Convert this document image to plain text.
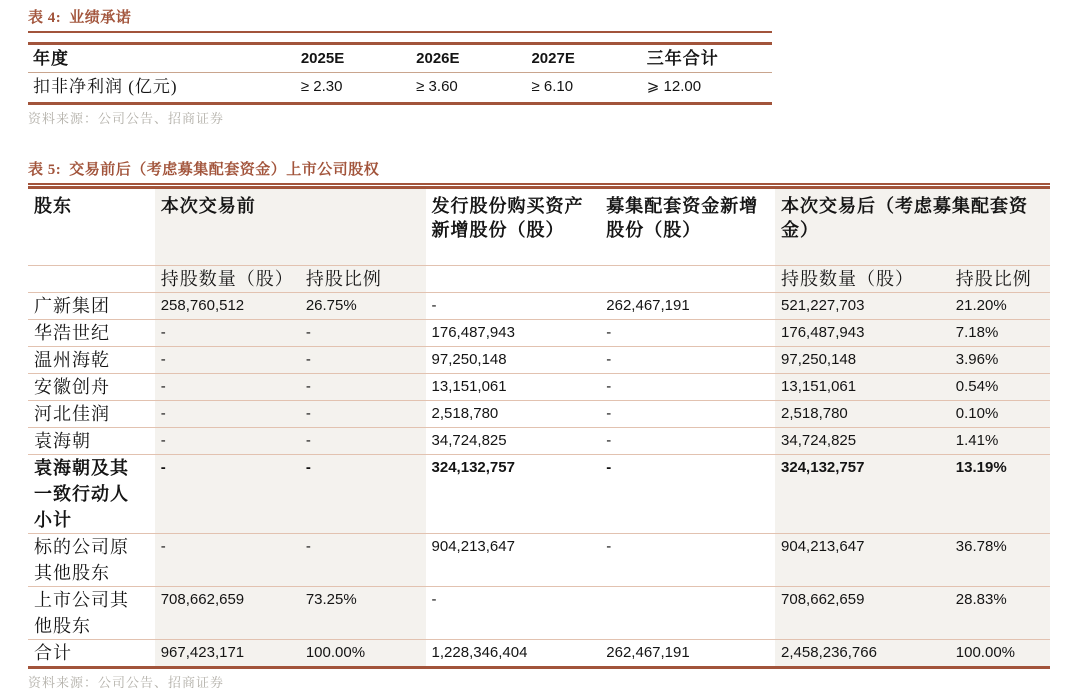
表 4: 业绩承诺
年度	2025E	2026E	2027E	三年合计
扣非净利润 (亿元)	≥ 2.30	≥ 3.60	≥ 6.10	⩾ 12.00
资料来源：公司公告、招商证券
表 5: 交易前后（考虑募集配套资金）上市公司股权
股东	本次交易前		发行股份购买资产新增股份（股）	募集配套资金新增股份（股）	本次交易后（考虑募集配套资金）	
	持股数量（股）	持股比例			持股数量（股）	持股比例
广新集团	258,760,512	26.75%	-	262,467,191	521,227,703	21.20%
华浩世纪	-	-	176,487,943	-	176,487,943	7.18%
温州海乾	-	-	97,250,148	-	97,250,148	3.96%
安徽创舟	-	-	13,151,061	-	13,151,061	0.54%
河北佳润	-	-	2,518,780	-	2,518,780	0.10%
袁海朝	-	-	34,724,825	-	34,724,825	1.41%
袁海朝及其一致行动人小计	-	-	324,132,757	-	324,132,757	13.19%
标的公司原其他股东	-	-	904,213,647	-	904,213,647	36.78%
上市公司其他股东	708,662,659	73.25%	-		708,662,659	28.83%
合计	967,423,171	100.00%	1,228,346,404	262,467,191	2,458,236,766	100.00%
资料来源：公司公告、招商证券
